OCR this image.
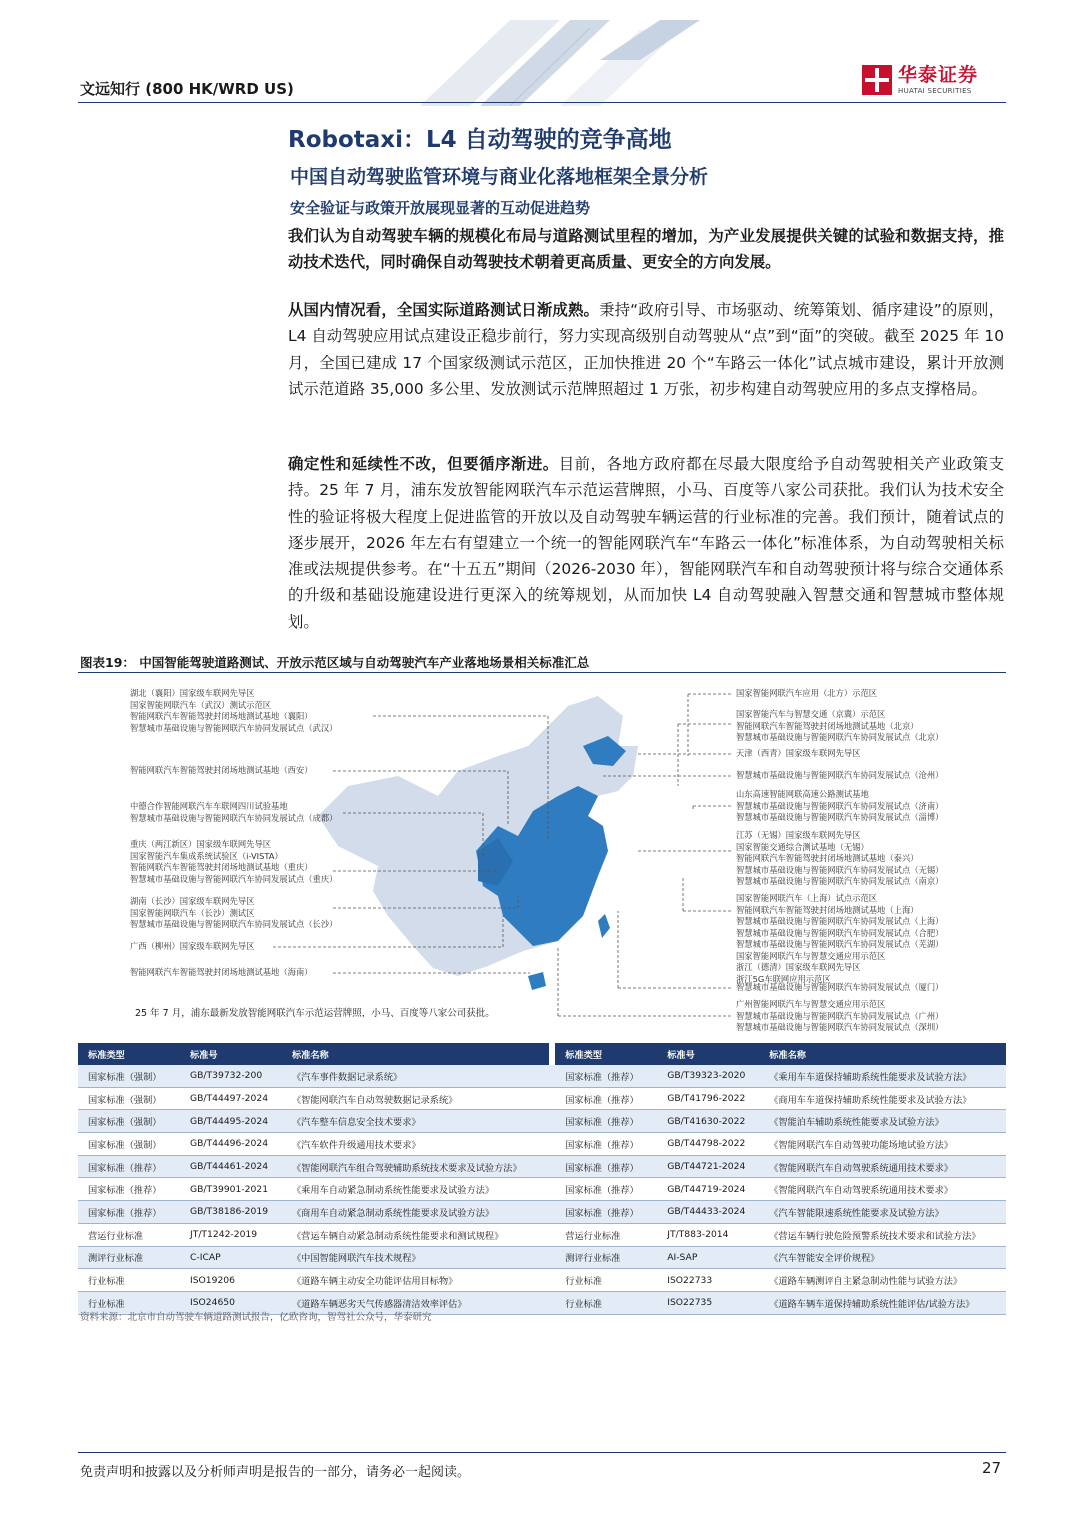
文远知行 (800 HK/WRD US)
华泰证券
HUATAI SECURITIES
Robotaxi：L4 自动驾驶的竞争高地
中国自动驾驶监管环境与商业化落地框架全景分析
安全验证与政策开放展现显著的互动促进趋势
我们认为自动驾驶车辆的规模化布局与道路测试里程的增加，为产业发展提供关键的试验和数据支持，推动技术迭代，同时确保自动驾驶技术朝着更高质量、更安全的方向发展。
从国内情况看，全国实际道路测试日渐成熟。秉持“政府引导、市场驱动、统筹策划、循序建设”的原则，L4 自动驾驶应用试点建设正稳步前行，努力实现高级别自动驾驶从“点”到“面”的突破。截至 2025 年 10 月，全国已建成 17 个国家级测试示范区，正加快推进 20 个“车路云一体化”试点城市建设，累计开放测试示范道路 35,000 多公里、发放测试示范牌照超过 1 万张，初步构建自动驾驶应用的多点支撑格局。
确定性和延续性不改，但要循序渐进。目前，各地方政府都在尽最大限度给予自动驾驶相关产业政策支持。25 年 7 月，浦东发放智能网联汽车示范运营牌照，小马、百度等八家公司获批。我们认为技术安全性的验证将极大程度上促进监管的开放以及自动驾驶车辆运营的行业标准的完善。我们预计，随着试点的逐步展开，2026 年左右有望建立一个统一的智能网联汽车“车路云一体化”标准体系，为自动驾驶相关标准或法规提供参考。在“十五五”期间（2026-2030 年），智能网联汽车和自动驾驶预计将与综合交通体系的升级和基础设施建设进行更深入的统筹规划，从而加快 L4 自动驾驶融入智慧交通和智慧城市整体规划。
图表19： 中国智能驾驶道路测试、开放示范区域与自动驾驶汽车产业落地场景相关标准汇总
湖北（襄阳）国家级车联网先导区
国家智能网联汽车（武汉）测试示范区
智能网联汽车智能驾驶封闭场地测试基地（襄阳）
智慧城市基础设施与智能网联汽车协同发展试点（武汉）
智能网联汽车智能驾驶封闭场地测试基地（西安）
中德合作智能网联汽车车联网四川试验基地
智慧城市基础设施与智能网联汽车协同发展试点（成都）
重庆（两江新区）国家级车联网先导区
国家智能汽车集成系统试验区（i-VISTA）
智能网联汽车智能驾驶封闭场地测试基地（重庆）
智慧城市基础设施与智能网联汽车协同发展试点（重庆）
湖南（长沙）国家级车联网先导区
国家智能网联汽车（长沙）测试区
智慧城市基础设施与智能网联汽车协同发展试点（长沙）
广西（柳州）国家级车联网先导区
智能网联汽车智能驾驶封闭场地测试基地（海南）
国家智能网联汽车应用（北方）示范区
国家智能汽车与智慧交通（京冀）示范区
智能网联汽车智能驾驶封闭场地测试基地（北京）
智慧城市基础设施与智能网联汽车协同发展试点（北京）
天津（西青）国家级车联网先导区
智慧城市基础设施与智能网联汽车协同发展试点（沧州）
山东高速智能网联高速公路测试基地
智慧城市基础设施与智能网联汽车协同发展试点（济南）
智慧城市基础设施与智能网联汽车协同发展试点（淄博）
江苏（无锡）国家级车联网先导区
国家智能交通综合测试基地（无锡）
智能网联汽车智能驾驶封闭场地测试基地（泰兴）
智慧城市基础设施与智能网联汽车协同发展试点（无锡）
智慧城市基础设施与智能网联汽车协同发展试点（南京）
国家智能网联汽车（上海）试点示范区
智能网联汽车智能驾驶封闭场地测试基地（上海）
智慧城市基础设施与智能网联汽车协同发展试点（上海）
智慧城市基础设施与智能网联汽车协同发展试点（合肥）
智慧城市基础设施与智能网联汽车协同发展试点（芜湖）
国家智能网联汽车与智慧交通应用示范区
浙江（德清）国家级车联网先导区
浙江5G车联网应用示范区
智慧城市基础设施与智能网联汽车协同发展试点（厦门）
广州智能网联汽车与智慧交通应用示范区
智慧城市基础设施与智能网联汽车协同发展试点（广州）
智慧城市基础设施与智能网联汽车协同发展试点（深圳）
25 年 7 月，浦东最新发放智能网联汽车示范运营牌照，小马、百度等八家公司获批。
标准类型	标准号	标准名称		标准类型	标准号	标准名称
国家标准（强制）	GB/T39732-200	《汽车事件数据记录系统》		国家标准（推荐）	GB/T39323-2020	《乘用车车道保持辅助系统性能要求及试验方法》
国家标准（强制）	GB/T44497-2024	《智能网联汽车自动驾驶数据记录系统》		国家标准（推荐）	GB/T41796-2022	《商用车车道保持辅助系统性能要求及试验方法》
国家标准（强制）	GB/T44495-2024	《汽车整车信息安全技术要求》		国家标准（推荐）	GB/T41630-2022	《智能泊车辅助系统性能要求及试验方法》
国家标准（强制）	GB/T44496-2024	《汽车软件升级通用技术要求》		国家标准（推荐）	GB/T44798-2022	《智能网联汽车自动驾驶功能场地试验方法》
国家标准（推荐）	GB/T44461-2024	《智能网联汽车组合驾驶辅助系统技术要求及试验方法》		国家标准（推荐）	GB/T44721-2024	《智能网联汽车自动驾驶系统通用技术要求》
国家标准（推荐）	GB/T39901-2021	《乘用车自动紧急制动系统性能要求及试验方法》		国家标准（推荐）	GB/T44719-2024	《智能网联汽车自动驾驶系统通用技术要求》
国家标准（推荐）	GB/T38186-2019	《商用车自动紧急制动系统性能要求及试验方法》		国家标准（推荐）	GB/T44433-2024	《汽车智能限速系统性能要求及试验方法》
营运行业标准	JT/T1242-2019	《营运车辆自动紧急制动系统性能要求和测试规程》		营运行业标准	JT/T883-2014	《营运车辆行驶危险预警系统技术要求和试验方法》
测评行业标准	C-ICAP	《中国智能网联汽车技术规程》		测评行业标准	AI-SAP	《汽车智能安全评价规程》
行业标准	ISO19206	《道路车辆主动安全功能评估用目标物》		行业标准	ISO22733	《道路车辆测评自主紧急制动性能与试验方法》
行业标准	ISO24650	《道路车辆恶劣天气传感器清洁效率评估》		行业标准	ISO22735	《道路车辆车道保持辅助系统性能评估/试验方法》
资料来源：北京市自动驾驶车辆道路测试报告，亿欧咨询，智驾社公众号，华泰研究
免责声明和披露以及分析师声明是报告的一部分，请务必一起阅读。	27
